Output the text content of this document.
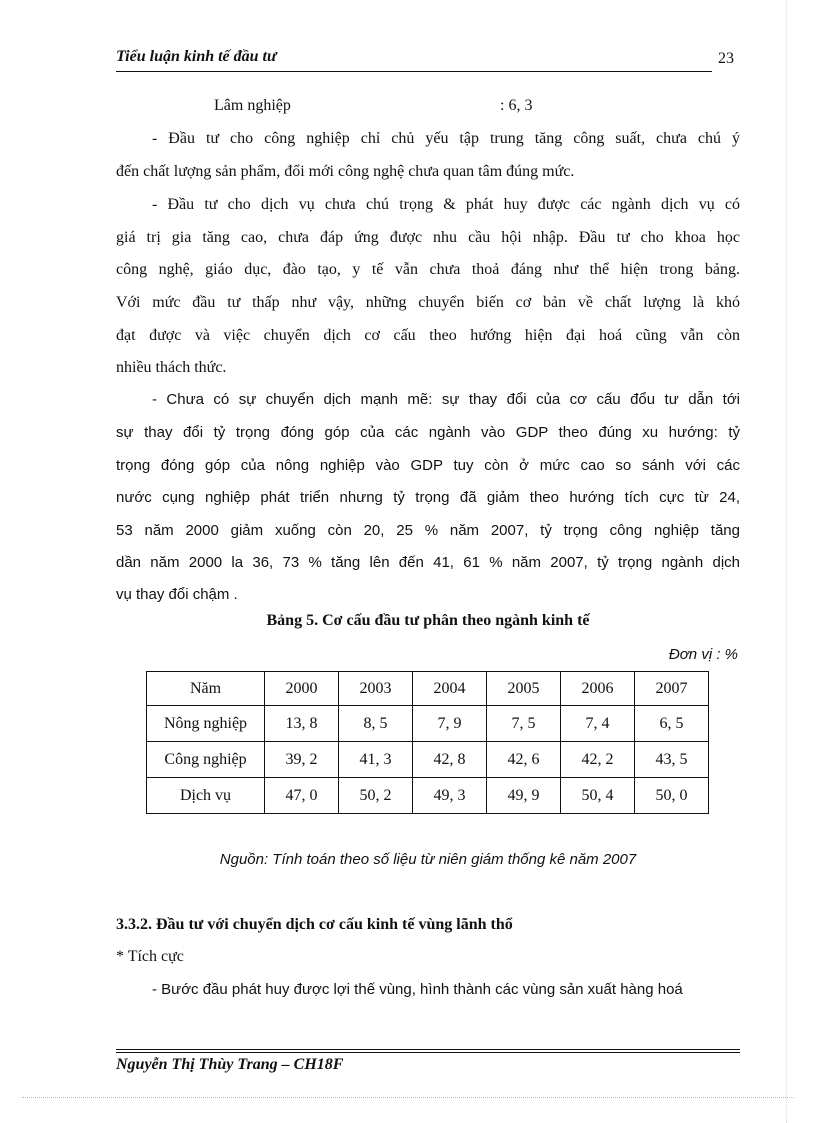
Tiểu luận kinh tế đầu tư	23
Lâm nghiệp	: 6, 3
- Đầu tư cho công nghiệp chỉ chủ yếu tập trung tăng công suất, chưa chú ý
đến chất lượng sản phẩm, đổi mới công nghệ chưa quan tâm đúng mức.
- Đầu tư cho dịch vụ chưa chú trọng & phát huy được các ngành dịch vụ có
giá trị gia tăng cao, chưa đáp ứng được nhu cầu hội nhập. Đầu tư cho khoa học
công nghệ, giáo dục, đào tạo, y tế vẫn chưa thoả đáng như thể hiện trong bảng.
Với mức đầu tư thấp như vậy, những chuyển biến cơ bản về chất lượng là khó
đạt được và việc chuyển dịch cơ cấu theo hướng hiện đại hoá cũng vẫn còn
nhiều thách thức.
- Chưa có sự chuyển dịch mạnh mẽ: sự thay đổi của cơ cấu đổu tư dẫn tới
sự thay đổi tỷ trọng đóng góp của các ngành vào GDP theo đúng xu hướng: tỷ
trọng đóng góp của nông nghiệp vào GDP tuy còn ở mức cao so sánh với các
nước cụng nghiệp phát triển nhưng tỷ trọng đã giảm theo hướng tích cực từ 24,
53 năm 2000 giảm xuống còn 20, 25 % năm 2007, tỷ trọng công nghiệp tăng
dần năm 2000 la 36, 73 % tăng lên đến 41, 61 % năm 2007, tỷ trọng ngành dịch
vụ thay đổi chậm .
Bảng 5. Cơ cấu đầu tư phân theo ngành kinh tế
Đơn vị : %
Năm	2000	2003	2004	2005	2006	2007
Nông nghiệp	13, 8	8, 5	7, 9	7, 5	7, 4	6, 5
Công nghiệp	39, 2	41, 3	42, 8	42, 6	42, 2	43, 5
Dịch vụ	47, 0	50, 2	49, 3	49, 9	50, 4	50, 0
Nguồn: Tính toán theo số liệu từ niên giám thống kê năm 2007
3.3.2. Đầu tư với chuyển dịch cơ cấu kinh tế vùng lãnh thổ
* Tích cực
- Bước đầu phát huy được lợi thế vùng, hình thành các vùng sản xuất hàng hoá
Nguyễn Thị Thùy Trang – CH18F
